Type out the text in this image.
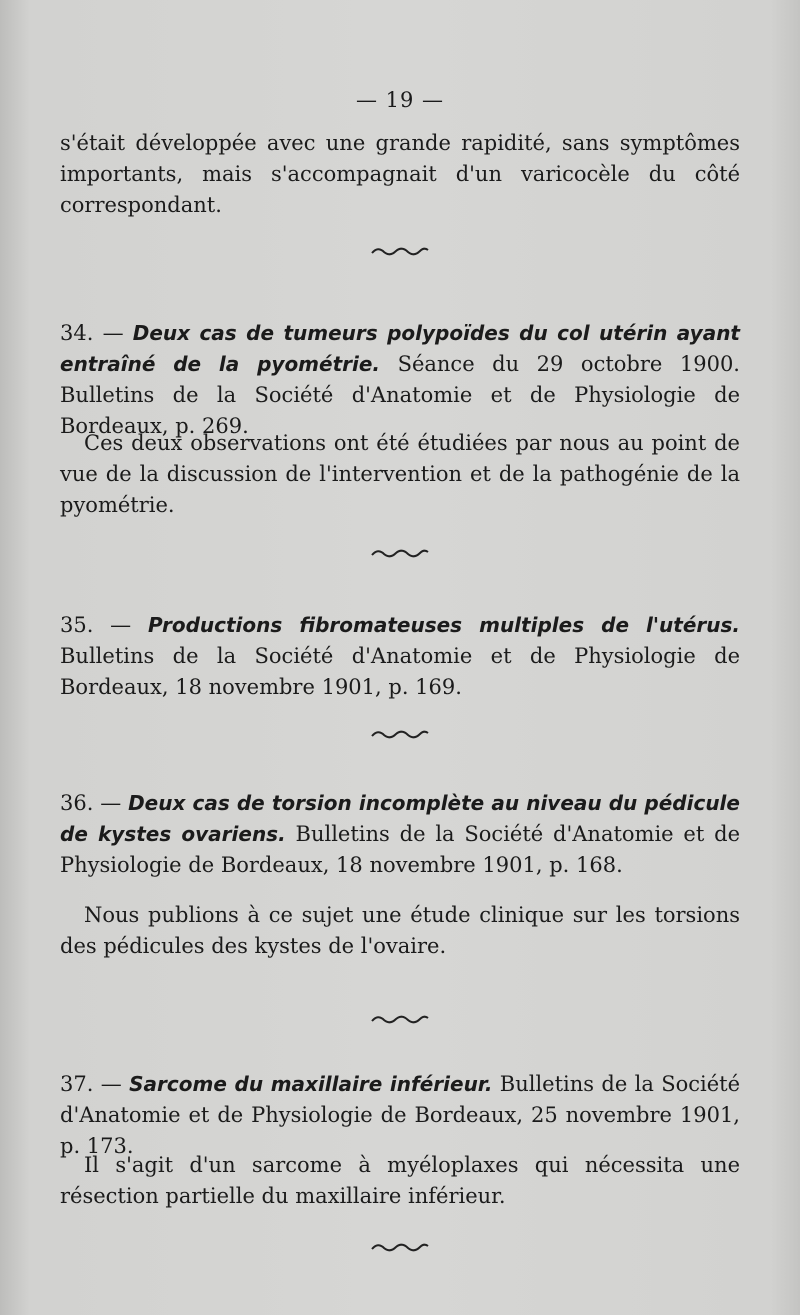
— 19 —

s'était développée avec une grande rapidité, sans symptômes importants, mais s'accompagnait d'un varicocèle du côté correspondant.

34. — Deux cas de tumeurs polypoïdes du col utérin ayant entraîné de la pyométrie. Séance du 29 octobre 1900. Bulletins de la Société d'Anatomie et de Physiologie de Bordeaux, p. 269.

Ces deux observations ont été étudiées par nous au point de vue de la discussion de l'intervention et de la pathogénie de la pyométrie.

35. — Productions fibromateuses multiples de l'utérus. Bulletins de la Société d'Anatomie et de Physiologie de Bordeaux, 18 novembre 1901, p. 169.
36. — Deux cas de torsion incomplète au niveau du pédicule de kystes ovariens. Bulletins de la Société d'Anatomie et de Physiologie de Bordeaux, 18 novembre 1901, p. 168.

Nous publions à ce sujet une étude clinique sur les torsions des pédicules des kystes de l'ovaire.

37. — Sarcome du maxillaire inférieur. Bulletins de la Société d'Anatomie et de Physiologie de Bordeaux, 25 novembre 1901, p. 173.

Il s'agit d'un sarcome à myéloplaxes qui nécessita une résection partielle du maxillaire inférieur.
